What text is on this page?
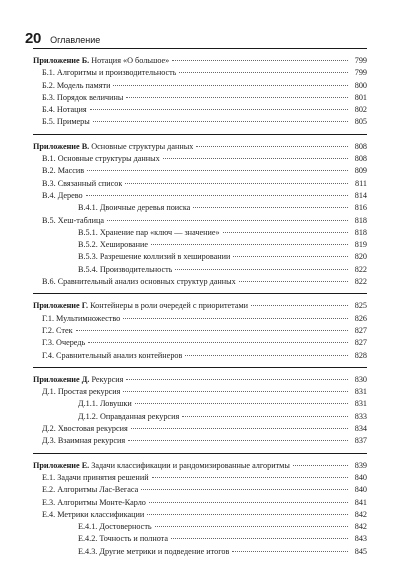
20 Оглавление
Приложение Б. Нотация «О большое»	799
Б.1. Алгоритмы и производительность	799
Б.2. Модель памяти	800
Б.3. Порядок величины	801
Б.4. Нотация	802
Б.5. Примеры	805
Приложение В. Основные структуры данных	808
В.1. Основные структуры данных	808
В.2. Массив	809
В.3. Связанный список	811
В.4. Дерево	814
В.4.1. Двоичные деревья поиска	816
В.5. Хеш-таблица	818
В.5.1. Хранение пар «ключ — значение»	818
В.5.2. Хеширование	819
В.5.3. Разрешение коллизий в хешировании	820
В.5.4. Производительность	822
В.6. Сравнительный анализ основных структур данных	822
Приложение Г. Контейнеры в роли очередей с приоритетами	825
Г.1. Мультимножество	826
Г.2. Стек	827
Г.3. Очередь	827
Г.4. Сравнительный анализ контейнеров	828
Приложение Д. Рекурсия	830
Д.1. Простая рекурсия	831
Д.1.1. Ловушки	831
Д.1.2. Оправданная рекурсия	833
Д.2. Хвостовая рекурсия	834
Д.3. Взаимная рекурсия	837
Приложение Е. Задачи классификации и рандомизированные алгоритмы	839
Е.1. Задачи принятия решений	840
Е.2. Алгоритмы Лас-Вегаса	840
Е.3. Алгоритмы Монте-Карло	841
Е.4. Метрики классификации	842
Е.4.1. Достоверность	842
Е.4.2. Точность и полнота	843
Е.4.3. Другие метрики и подведение итогов	845
